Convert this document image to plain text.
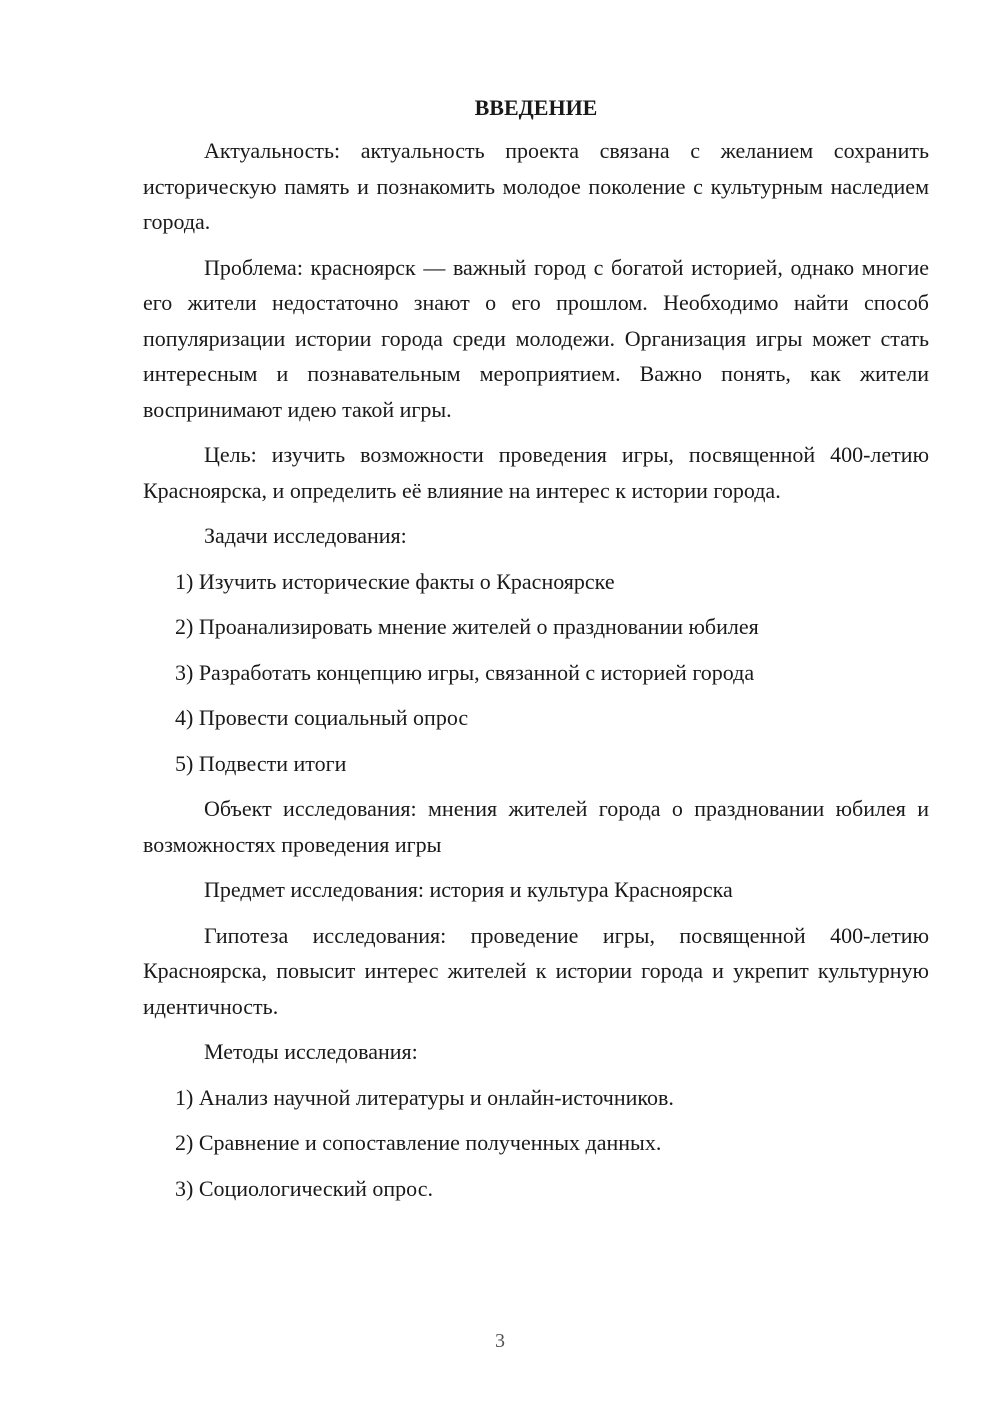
ВВЕДЕНИЕ

Актуальность: актуальность проекта связана с желанием сохранить историческую память и познакомить молодое поколение с культурным наследием города.

Проблема: красноярск — важный город с богатой историей, однако многие его жители недостаточно знают о его прошлом. Необходимо найти способ популяризации истории города среди молодежи. Организация игры может стать интересным и познавательным мероприятием. Важно понять, как жители воспринимают идею такой игры.

Цель: изучить возможности проведения игры, посвященной 400-летию Красноярска, и определить её влияние на интерес к истории города.

Задачи исследования:

1) Изучить исторические факты о Красноярске
2) Проанализировать мнение жителей о праздновании юбилея
3) Разработать концепцию игры, связанной с историей города
4) Провести социальный опрос
5) Подвести итоги

Объект исследования: мнения жителей города о праздновании юбилея и возможностях проведения игры

Предмет исследования: история и культура Красноярска

Гипотеза исследования: проведение игры, посвященной 400-летию Красноярска, повысит интерес жителей к истории города и укрепит культурную идентичность.

Методы исследования:

1) Анализ научной литературы и онлайн-источников.
2) Сравнение и сопоставление полученных данных.
3) Социологический опрос.
3
